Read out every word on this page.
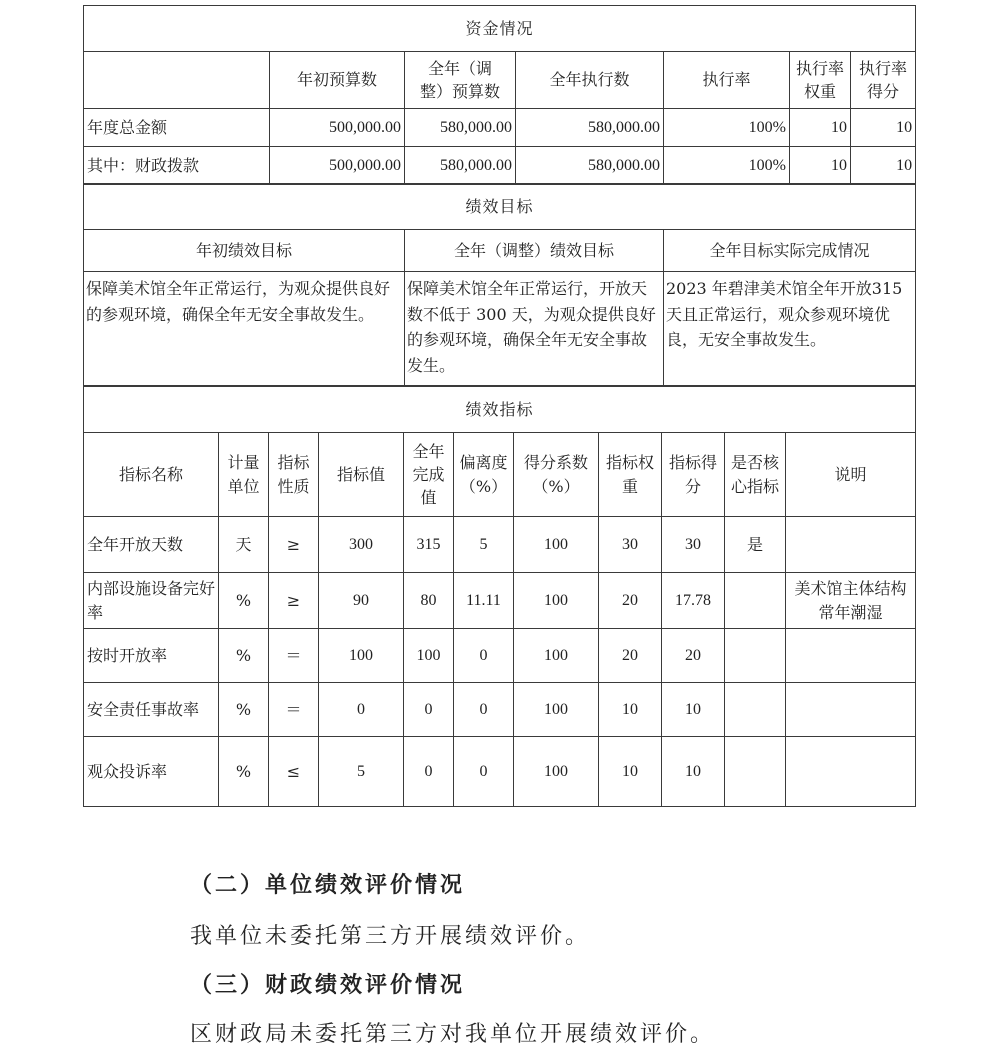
资金情况						
	年初预算数	全年（调整）预算数	全年执行数	执行率	执行率权重	执行率得分
年度总金额	500,000.00	580,000.00	580,000.00	100%	10	10
其中：财政拨款	500,000.00	580,000.00	580,000.00	100%	10	10
绩效目标		
年初绩效目标	全年（调整）绩效目标	全年目标实际完成情况
保障美术馆全年正常运行，为观众提供良好的参观环境，确保全年无安全事故发生。	保障美术馆全年正常运行，开放天数不低于 300 天，为观众提供良好的参观环境，确保全年无安全事故发生。	2023 年碧津美术馆全年开放315 天且正常运行，观众参观环境优良，无安全事故发生。
绩效指标										
指标名称	计量单位	指标性质	指标值	全年完成值	偏离度（%）	得分系数（%）	指标权重	指标得分	是否核心指标	说明
全年开放天数	天	≥	300	315	5	100	30	30	是	
内部设施设备完好率	%	≥	90	80	11.11	100	20	17.78		美术馆主体结构常年潮湿
按时开放率	%	＝	100	100	0	100	20	20		
安全责任事故率	%	＝	0	0	0	100	10	10		
观众投诉率	%	≤	5	0	0	100	10	10		
（二）单位绩效评价情况
我单位未委托第三方开展绩效评价。
（三）财政绩效评价情况
区财政局未委托第三方对我单位开展绩效评价。
